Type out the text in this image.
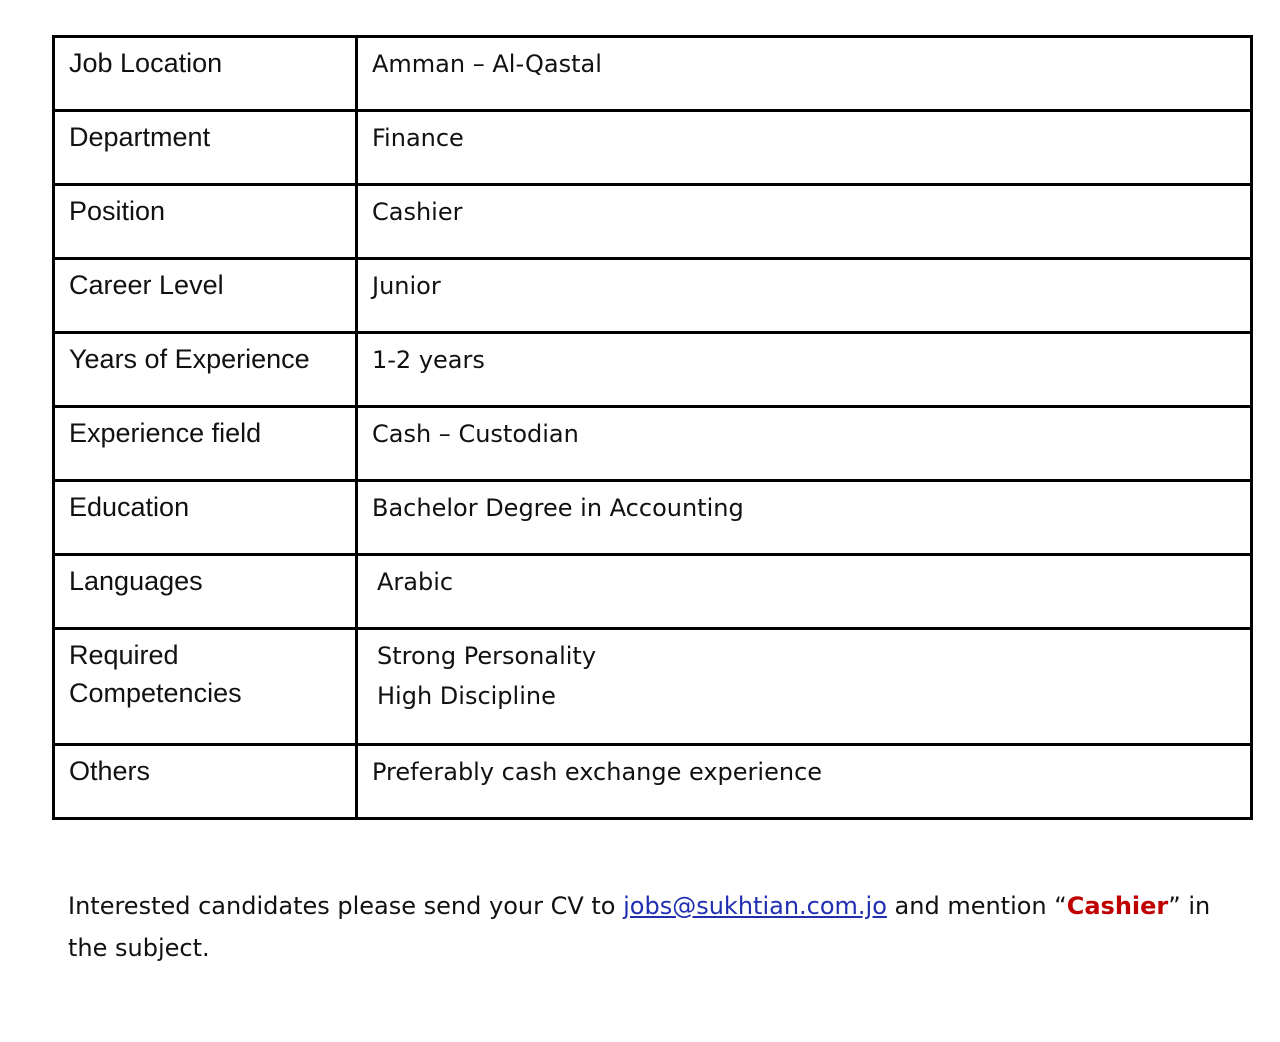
Job Location	Amman – Al-Qastal
Department	Finance
Position	Cashier
Career Level	Junior
Years of Experience	1-2 years
Experience field	Cash – Custodian
Education	Bachelor Degree in Accounting
Languages	Arabic

Required
Competencies	Strong Personality
High Discipline

Others	Preferably cash exchange experience

Interested candidates please send your CV to jobs@sukhtian.com.jo and mention “Cashier” in the subject.
